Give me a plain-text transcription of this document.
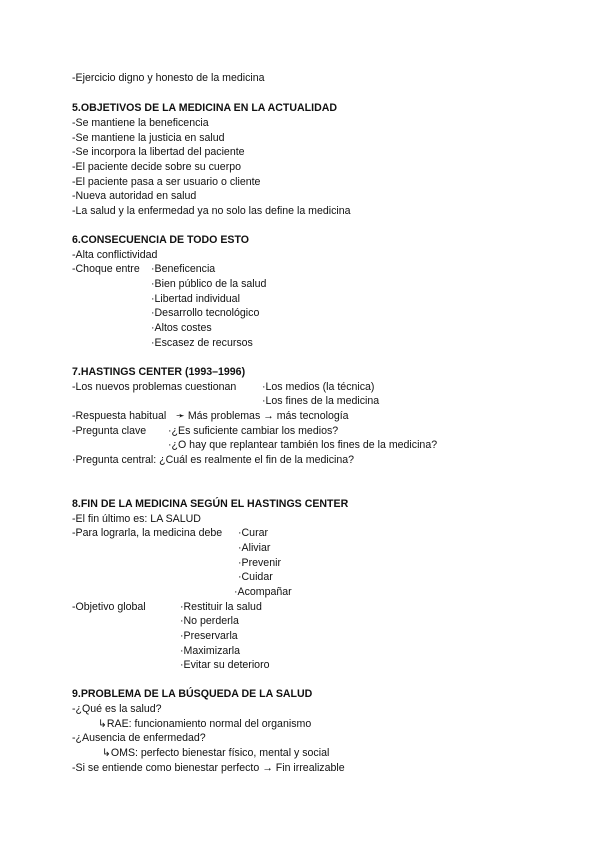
-Ejercicio digno y honesto de la medicina
5.OBJETIVOS DE LA MEDICINA EN LA ACTUALIDAD
-Se mantiene la beneficencia
-Se mantiene la justicia en salud
-Se incorpora la libertad del paciente
-El paciente decide sobre su cuerpo
-El paciente pasa a ser usuario o cliente
-Nueva autoridad en salud
-La salud y la enfermedad ya no solo las define la medicina
6.CONSECUENCIA DE TODO ESTO
-Alta conflictividad
-Choque entre ·Beneficencia
·Bien público de la salud
·Libertad individual
·Desarrollo tecnológico
·Altos costes
·Escasez de recursos
7.HASTINGS CENTER (1993–1996)
-Los nuevos problemas cuestionan ·Los medios (la técnica)
·Los fines de la medicina
-Respuesta habitual ➛ Más problemas → más tecnología
-Pregunta clave ·¿Es suficiente cambiar los medios?
·¿O hay que replantear también los fines de la medicina?
·Pregunta central: ¿Cuál es realmente el fin de la medicina?
8.FIN DE LA MEDICINA SEGÚN EL HASTINGS CENTER
-El fin último es: LA SALUD
-Para lograrla, la medicina debe ·Curar
·Aliviar
·Prevenir
·Cuidar
·Acompañar
-Objetivo global	·Restituir la salud
·No perderla
·Preservarla
·Maximizarla
·Evitar su deterioro
9.PROBLEMA DE LA BÚSQUEDA DE LA SALUD
-¿Qué es la salud?
↳RAE: funcionamiento normal del organismo
-¿Ausencia de enfermedad?
↳OMS: perfecto bienestar físico, mental y social
-Si se entiende como bienestar perfecto → Fin irrealizable
